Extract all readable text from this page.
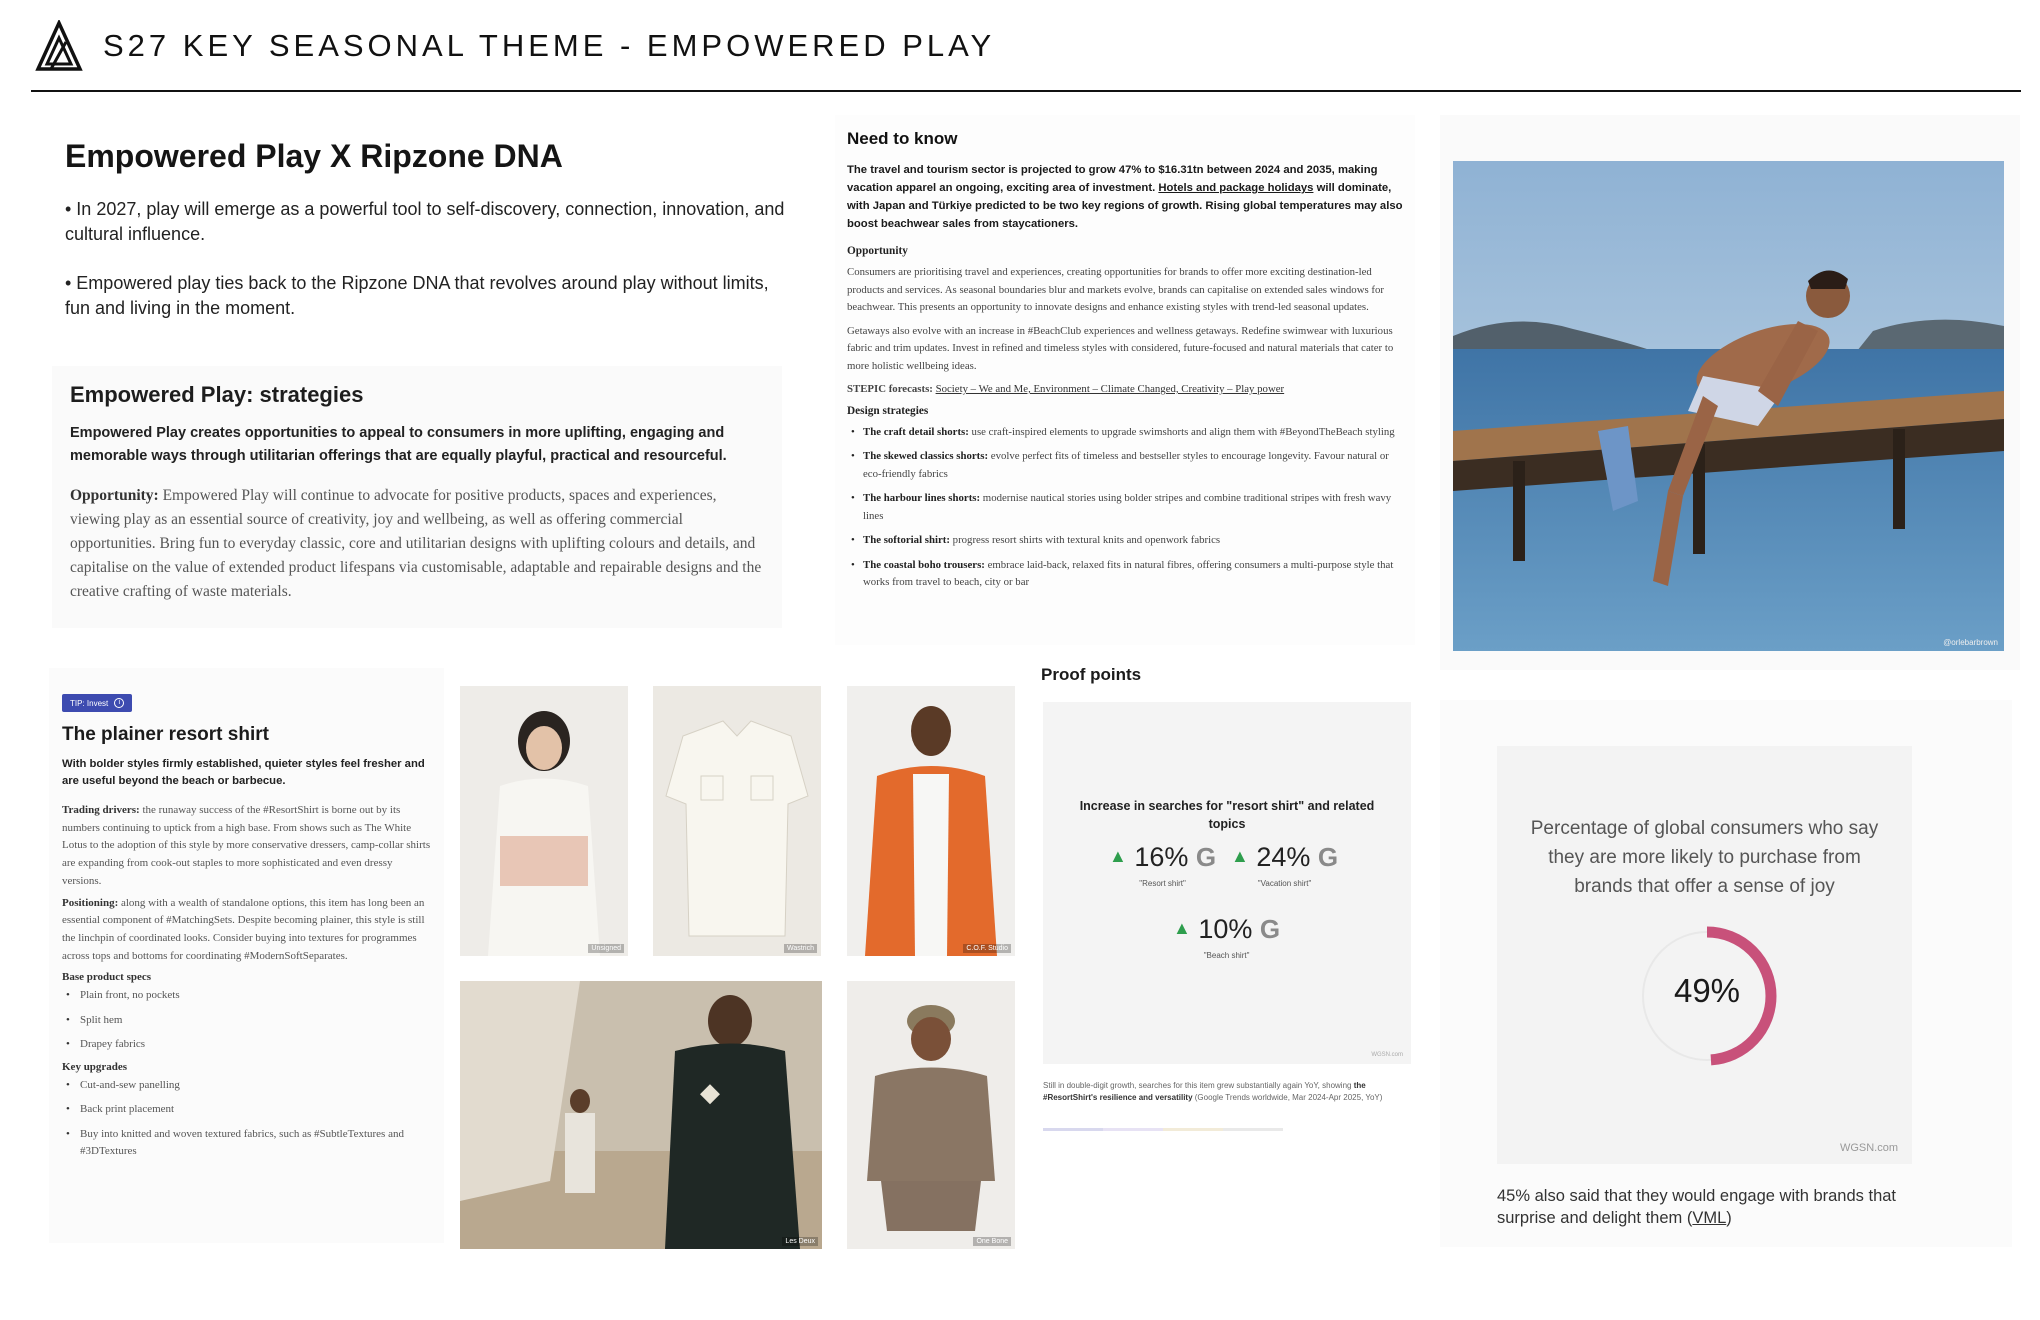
S27 KEY SEASONAL THEME - EMPOWERED PLAY
Empowered Play X Ripzone DNA

• In 2027, play will emerge as a powerful tool to self-discovery, connection, innovation, and cultural influence.

• Empowered play ties back to the Ripzone DNA that revolves around play without limits, fun and living in the moment.

Empowered Play: strategies

Empowered Play creates opportunities to appeal to consumers in more uplifting, engaging and memorable ways through utilitarian offerings that are equally playful, practical and resourceful.

Opportunity: Empowered Play will continue to advocate for positive products, spaces and experiences, viewing play as an essential source of creativity, joy and wellbeing, as well as offering commercial opportunities. Bring fun to everyday classic, core and utilitarian designs with uplifting colours and details, and capitalise on the value of extended product lifespans via customisable, adaptable and repairable designs and the creative crafting of waste materials.

Need to know

The travel and tourism sector is projected to grow 47% to $16.31tn between 2024 and 2035, making vacation apparel an ongoing, exciting area of investment. Hotels and package holidays will dominate, with Japan and Türkiye predicted to be two key regions of growth. Rising global temperatures may also boost beachwear sales from staycationers.

Opportunity

Consumers are prioritising travel and experiences, creating opportunities for brands to offer more exciting destination-led products and services. As seasonal boundaries blur and markets evolve, brands can capitalise on extended sales windows for beachwear. This presents an opportunity to innovate designs and enhance existing styles with trend-led seasonal updates.

Getaways also evolve with an increase in #BeachClub experiences and wellness getaways. Redefine swimwear with luxurious fabric and trim updates. Invest in refined and timeless styles with considered, future-focused and natural materials that cater to more holistic wellbeing ideas.

STEPIC forecasts: Society – We and Me, Environment – Climate Changed, Creativity – Play power

Design strategies
• The craft detail shorts: use craft-inspired elements to upgrade swimshorts and align them with #BeyondTheBeach styling
• The skewed classics shorts: evolve perfect fits of timeless and bestseller styles to encourage longevity. Favour natural or eco-friendly fabrics
• The harbour lines shorts: modernise nautical stories using bolder stripes and combine traditional stripes with fresh wavy lines
• The softorial shirt: progress resort shirts with textural knits and openwork fabrics
• The coastal boho trousers: embrace laid-back, relaxed fits in natural fibres, offering consumers a multi-purpose style that works from travel to beach, city or bar
@orlebarbrown
TIP: Invest	i
The plainer resort shirt

With bolder styles firmly established, quieter styles feel fresher and are useful beyond the beach or barbecue.

Trading drivers: the runaway success of the #ResortShirt is borne out by its numbers continuing to uptick from a high base. From shows such as The White Lotus to the adoption of this style by more conservative dressers, camp-collar shirts are expanding from cook-out staples to more sophisticated and even dressy versions.

Positioning: along with a wealth of standalone options, this item has long been an essential component of #MatchingSets. Despite becoming plainer, this style is still the linchpin of coordinated looks. Consider buying into textures for programmes across tops and bottoms for coordinating #ModernSoftSeparates.

Base product specs
• Plain front, no pockets
• Split hem
• Drapey fabrics
Key upgrades
• Cut-and-sew panelling
• Back print placement
• Buy into knitted and woven textured fabrics, such as #SubtleTextures and #3DTextures
Unsigned	Wastrich	C.O.F. Studio
◆
Les Deux	One Bone
Proof points
Increase in searches for "resort shirt" and related topics
▲ 16% G
"Resort shirt"
▲ 24% G
"Vacation shirt"
▲ 10% G
"Beach shirt"
WGSN.com
Still in double-digit growth, searches for this item grew substantially again YoY, showing the #ResortShirt's resilience and versatility (Google Trends worldwide, Mar 2024-Apr 2025, YoY)
Percentage of global consumers who say they are more likely to purchase from brands that offer a sense of joy
49%
WGSN.com
45% also said that they would engage with brands that surprise and delight them (VML)
